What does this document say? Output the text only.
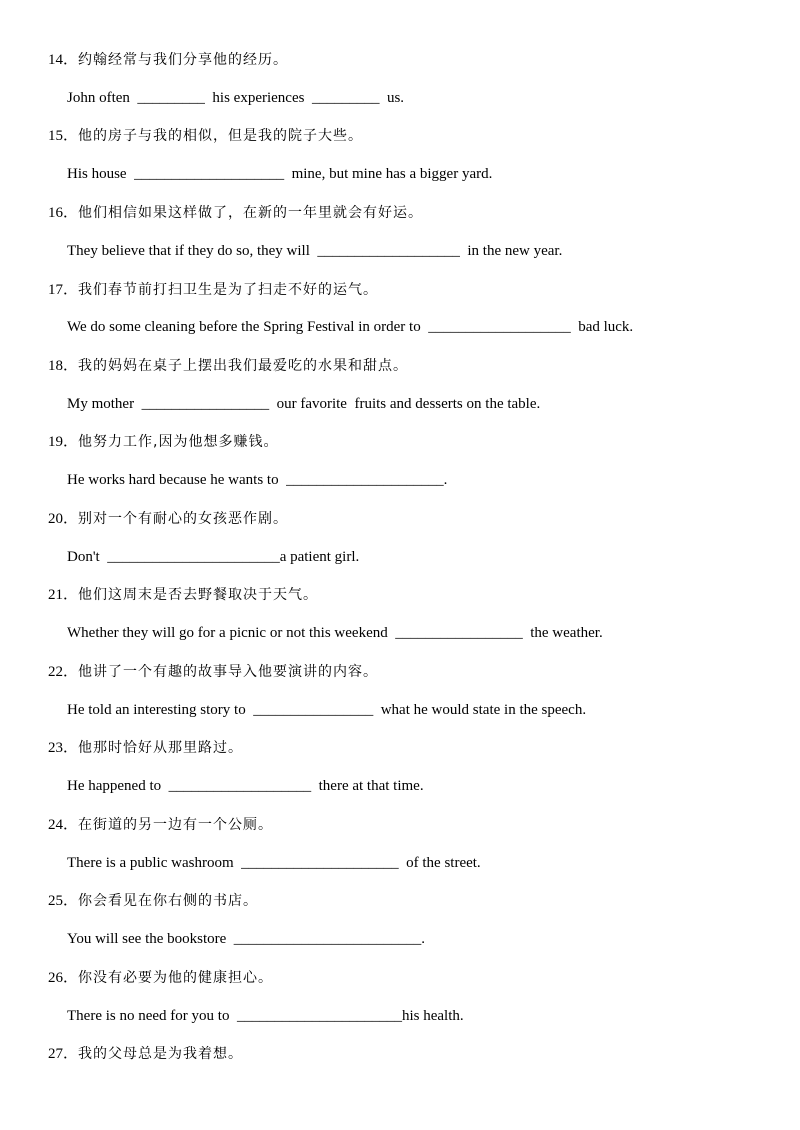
14．约翰经常与我们分享他的经历。
John often  _________  his experiences  _________  us.
15．他的房子与我的相似，但是我的院子大些。
His house  ____________________  mine, but mine has a bigger yard.
16．他们相信如果这样做了，在新的一年里就会有好运。
They believe that if they do so, they will  ___________________  in the new year.
17．我们春节前打扫卫生是为了扫走不好的运气。
We do some cleaning before the Spring Festival in order to  ___________________  bad luck.
18．我的妈妈在桌子上摆出我们最爱吃的水果和甜点。
My mother  _________________  our favorite  fruits and desserts on the table.
19．他努力工作,因为他想多赚钱。
He works hard because he wants to  _____________________.
20．别对一个有耐心的女孩恶作剧。
Don't  _______________________a patient girl.
21．他们这周末是否去野餐取决于天气。
Whether they will go for a picnic or not this weekend  _________________  the weather.
22．他讲了一个有趣的故事导入他要演讲的内容。
He told an interesting story to  ________________  what he would state in the speech.
23．他那时恰好从那里路过。
He happened to  ___________________  there at that time.
24．在街道的另一边有一个公厕。
There is a public washroom  _____________________  of the street.
25．你会看见在你右侧的书店。
You will see the bookstore  _________________________.
26．你没有必要为他的健康担心。
There is no need for you to  ______________________his health.
27．我的父母总是为我着想。
